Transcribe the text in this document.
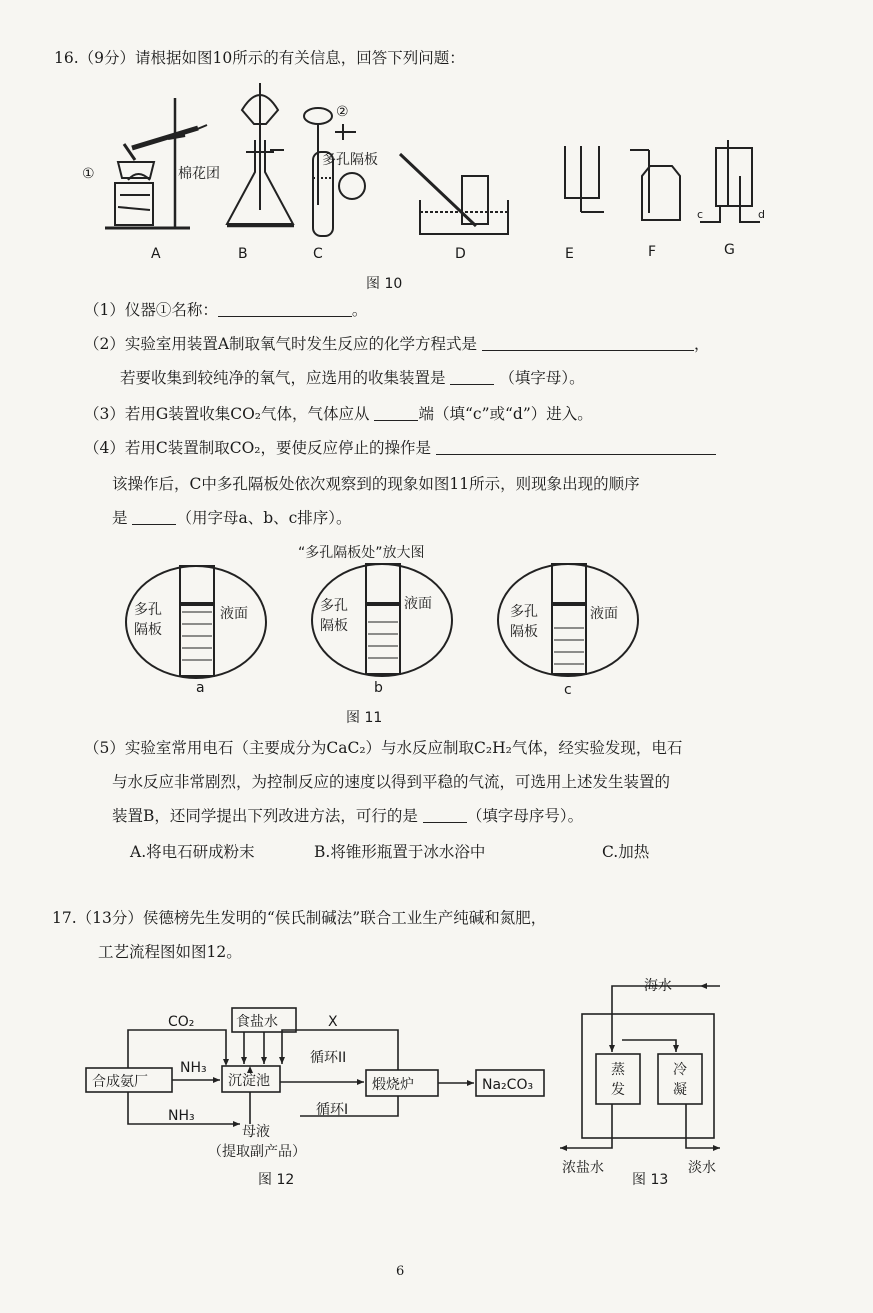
16.（9分）请根据如图10所示的有关信息，回答下列问题：
①	棉花团
②
多孔隔板
c	d
A	B	C	D	E	F	G
图 10
（1）仪器①名称：	。
（2）实验室用装置A制取氧气时发生反应的化学方程式是	，
若要收集到较纯净的氧气，应选用的收集装置是	（填字母）。
（3）若用G装置收集CO₂气体，气体应从	端（填“c”或“d”）进入。
（4）若用C装置制取CO₂，要使反应停止的操作是
该操作后，C中多孔隔板处依次观察到的现象如图11所示，则现象出现的顺序
是	（用字母a、b、c排序）。
“多孔隔板处”放大图
多孔
隔板
液面	多孔
隔板
液面	多孔
隔板
液面
a	b	c
图 11
（5）实验室常用电石（主要成分为CaC₂）与水反应制取C₂H₂气体，经实验发现，电石
与水反应非常剧烈，为控制反应的速度以得到平稳的气流，可选用上述发生装置的
装置B，还同学提出下列改进方法，可行的是	（填字母序号）。
A.将电石研成粉末	B.将锥形瓶置于冰水浴中	C.加热
17.（13分）侯德榜先生发明的“侯氏制碱法”联合工业生产纯碱和氮肥，
工艺流程图如图12。
CO₂	食盐水	X
NH₃
合成氨厂	沉淀池
循环II
煅烧炉	Na₂CO₃
NH₃	循环I
母液
（提取副产品）
图 12
海水
蒸
发
冷
凝
浓盐水
图 13
淡水
6
